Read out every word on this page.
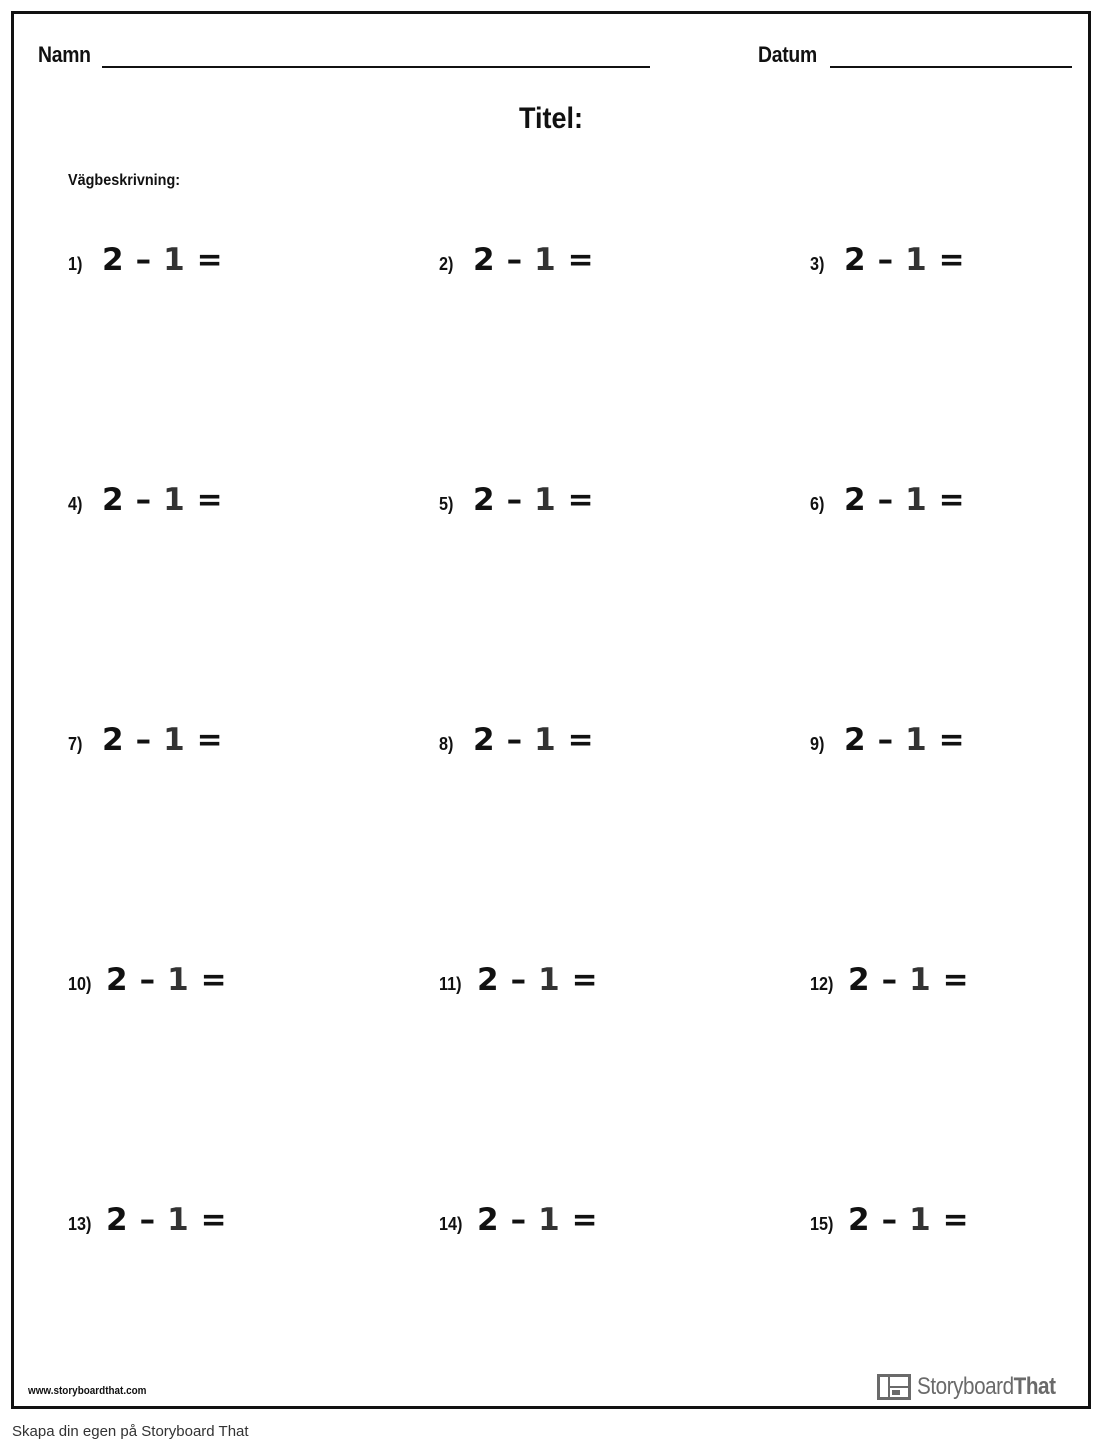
Namn	Datum
Titel:
Vägbeskrivning:
1) 2 – 1 =	2) 2 – 1 =	3) 2 – 1 =
4) 2 – 1 =	5) 2 – 1 =	6) 2 – 1 =
7) 2 – 1 =	8) 2 – 1 =	9) 2 – 1 =
10) 2 – 1 =	11) 2 – 1 =	12) 2 – 1 =
13) 2 – 1 =	14) 2 – 1 =	15) 2 – 1 =
www.storyboardthat.com	StoryboardThat
Skapa din egen på Storyboard That
